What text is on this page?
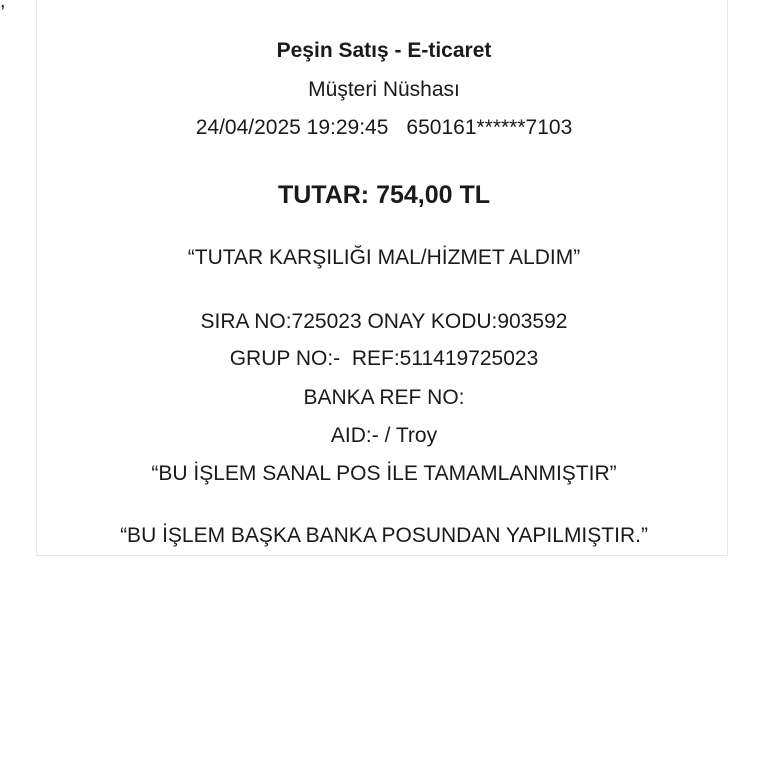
,
Peşin Satış - E-ticaret
Müşteri Nüshası
24/04/2025 19:29:45 650161******7103
TUTAR: 754,00 TL
“TUTAR KARŞILIĞI MAL/HİZMET ALDIM”
SIRA NO:725023 ONAY KODU:903592
GRUP NO:-  REF:511419725023
BANKA REF NO:
AID:- / Troy
“BU İŞLEM SANAL POS İLE TAMAMLANMIŞTIR”
“BU İŞLEM BAŞKA BANKA POSUNDAN YAPILMIŞTIR.”
